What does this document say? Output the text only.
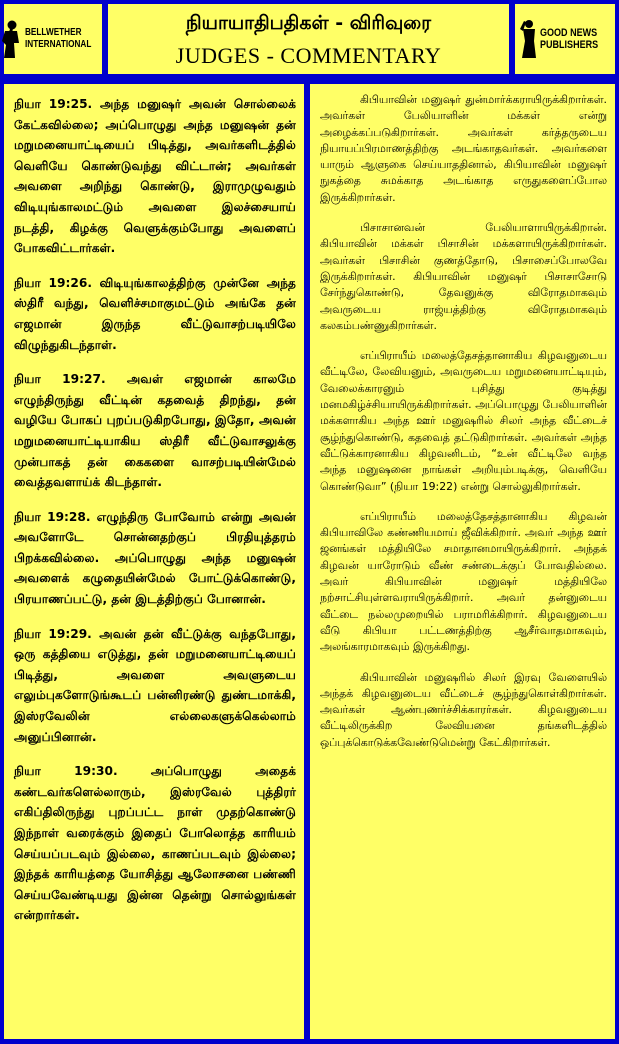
BELLWETHER
INTERNATIONAL
நியாயாதிபதிகள் - விரிவுரை
JUDGES - COMMENTARY
GOOD NEWS
PUBLISHERS

நியா 19:25. அந்த மனுஷர் அவன் சொல்லைக் கேட்கவில்லை; அப்பொழுது அந்த மனுஷன் தன் மறுமனையாட்டியைப் பிடித்து, அவர்களிடத்தில் வெளியே கொண்டுவந்து விட்டான்; அவர்கள் அவளை அறிந்து கொண்டு, இராமுழுவதும் விடியுங்காலமட்டும் அவளை இலச்சையாய் நடத்தி, கிழக்கு வெளுக்கும்போது அவளைப் போகவிட்டார்கள்.

நியா 19:26. விடியுங்காலத்திற்கு முன்னே அந்த ஸ்திரீ வந்து, வெளிச்சமாகுமட்டும் அங்கே தன் எஜமான் இருந்த வீட்டுவாசற்படியிலே விழுந்துகிடந்தாள்.

நியா 19:27. அவள் எஜமான் காலமே எழுந்திருந்து வீட்டின் கதவைத் திறந்து, தன் வழியே போகப் புறப்படுகிறபோது, இதோ, அவன் மறுமனையாட்டியாகிய ஸ்திரீ வீட்டுவாசலுக்கு முன்பாகத் தன் கைகளை வாசற்படியின்மேல் வைத்தவளாய்க் கிடந்தாள்.

நியா 19:28. எழுந்திரு போவோம் என்று அவன் அவளோடே சொன்னதற்குப் பிரதியுத்தரம் பிறக்கவில்லை. அப்பொழுது அந்த மனுஷன் அவளைக் கழுதையின்மேல் போட்டுக்கொண்டு, பிரயாணப்பட்டு, தன் இடத்திற்குப் போனான்.

நியா 19:29. அவன் தன் வீட்டுக்கு வந்தபோது, ஒரு கத்தியை எடுத்து, தன் மறுமனையாட்டியைப் பிடித்து, அவளை அவளுடைய எலும்புகளோடுங்கூடப் பன்னிரண்டு துண்டமாக்கி, இஸ்ரவேலின் எல்லைகளுக்கெல்லாம் அனுப்பினான்.

நியா 19:30. அப்பொழுது அதைக் கண்டவர்களெல்லாரும், இஸ்ரவேல் புத்திரர் எகிப்திலிருந்து புறப்பட்ட நாள் முதற்கொண்டு இந்நாள் வரைக்கும் இதைப் போலொத்த காரியம் செய்யப்படவும் இல்லை, காணப்படவும் இல்லை; இந்தக் காரியத்தை யோசித்து ஆலோசனை பண்ணி செய்யவேண்டியது இன்ன தென்று சொல்லுங்கள் என்றார்கள்.

கிபியாவின் மனுஷர் துன்மார்க்கராயிருக்கிறார்கள். அவர்கள் பேலியாளின் மக்கள் என்று அழைக்கப்படுகிறார்கள். அவர்கள் கர்த்தருடைய நியாயப்பிரமாணத்திற்கு அடங்காதவர்கள். அவர்களை யாரும் ஆளுகை செய்யாததினால், கிபியாவின் மனுஷர் நுகத்தை சுமக்காத அடங்காத எருதுகளைப்போல இருக்கிறார்கள்.

பிசாசானவன் பேலியாளாயிருக்கிறான். கிபியாவின் மக்கள் பிசாசின் மக்களாயிருக்கிறார்கள். அவர்கள் பிசாசின் குணத்தோடு, பிசாசைப்போலவே இருக்கிறார்கள். கிபியாவின் மனுஷர் பிசாசாசோடு சேர்ந்துகொண்டு, தேவனுக்கு விரோதமாகவும் அவருடைய ராஜ்யத்திற்கு விரோதமாகவும் கலகம்பண்ணுகிறார்கள்.

எப்பிராயீம் மலைத்தேசத்தானாகிய கிழவனுடைய வீட்டிலே, லேவியனும், அவருடைய மறுமனையாட்டியும், வேலைக்காரனும் புசித்து குடித்து மனமகிழ்ச்சியாயிருக்கிறார்கள். அப்பொழுது பேலியாளின் மக்களாகிய அந்த ஊர் மனுஷரில் சிலர் அந்த வீட்டைச் சூழ்ந்துகொண்டு, கதவைத் தட்டுகிறார்கள். அவர்கள் அந்த வீட்டுக்காரனாகிய கிழவனிடம், “உன் வீட்டிலே வந்த அந்த மனுஷனை நாங்கள் அறியும்படிக்கு, வெளியே கொண்டுவா” (நியா 19:22) என்று சொல்லுகிறார்கள்.

எப்பிராயீம் மலைத்தேசத்தானாகிய கிழவன் கிபியாவிலே கண்ணியமாய் ஜீவிக்கிறார். அவர் அந்த ஊர் ஜனங்கள் மத்தியிலே சமாதானமாயிருக்கிறார். அந்தக் கிழவன் யாரோடும் வீண் சண்டைக்குப் போவதில்லை. அவர் கிபியாவின் மனுஷர் மத்தியிலே நற்சாட்சியுள்ளவராயிருக்கிறார். அவர் தன்னுடைய வீட்டை நல்லமுறையில் பராமரிக்கிறார். கிழவனுடைய வீடு கிபியா பட்டணத்திற்கு ஆசீர்வாதமாகவும், அலங்காரமாகவும் இருக்கிறது.

கிபியாவின் மனுஷரில் சிலர் இரவு வேளையில் அந்தக் கிழவனுடைய வீட்டைச் சூழ்ந்துகொள்கிறார்கள். அவர்கள் ஆண்புணர்ச்சிக்காரர்கள். கிழவனுடைய வீட்டிலிருக்கிற லேவியனை தங்களிடத்தில் ஒப்புக்கொடுக்கவேண்டுமென்று கேட்கிறார்கள்.
